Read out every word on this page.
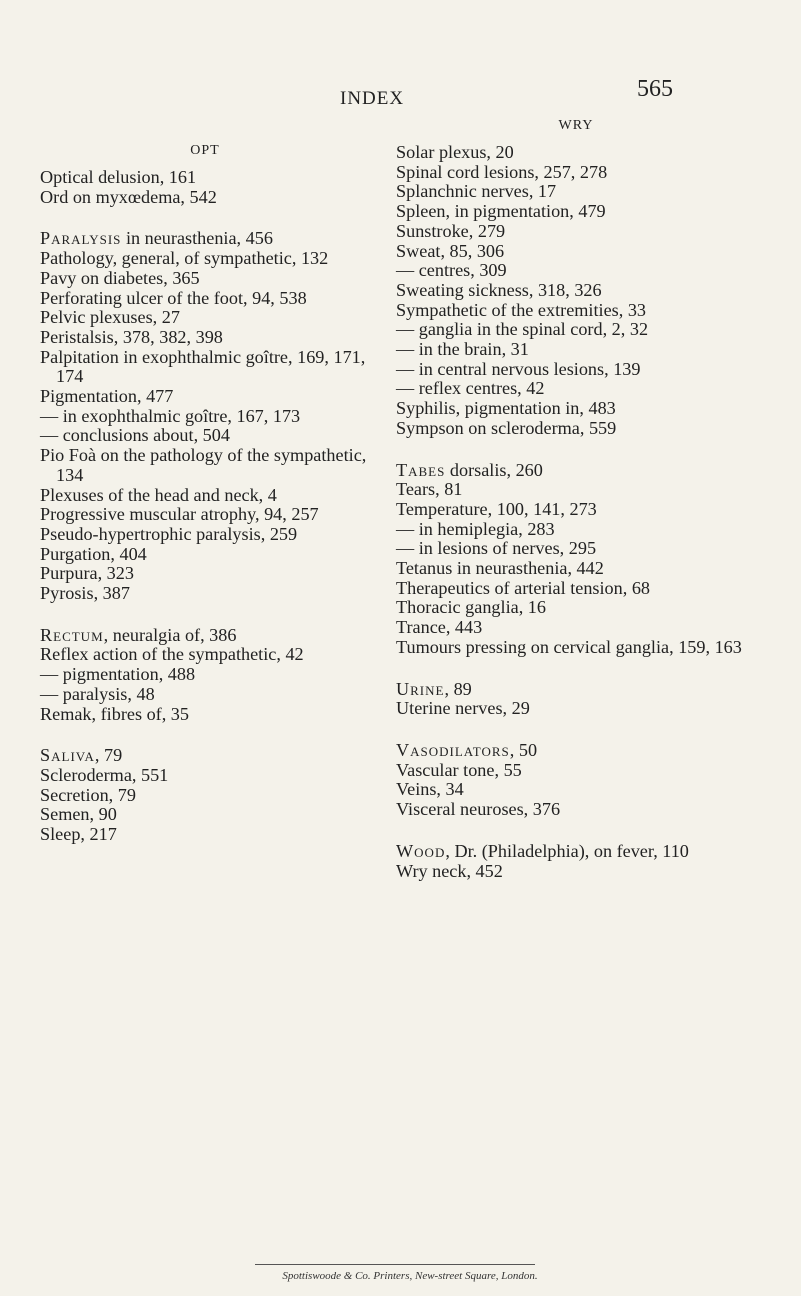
INDEX	565
OPT
Optical delusion, 161
Ord on myxœdema, 542
Paralysis in neurasthenia, 456
Pathology, general, of sympathetic, 132
Pavy on diabetes, 365
Perforating ulcer of the foot, 94, 538
Pelvic plexuses, 27
Peristalsis, 378, 382, 398
Palpitation in exophthalmic goître, 169, 171, 174
Pigmentation, 477
— in exophthalmic goître, 167, 173
— conclusions about, 504
Pio Foà on the pathology of the sympathetic, 134
Plexuses of the head and neck, 4
Progressive muscular atrophy, 94, 257
Pseudo-hypertrophic paralysis, 259
Purgation, 404
Purpura, 323
Pyrosis, 387
Rectum, neuralgia of, 386
Reflex action of the sympathetic, 42
— pigmentation, 488
— paralysis, 48
Remak, fibres of, 35
Saliva, 79
Scleroderma, 551
Secretion, 79
Semen, 90
Sleep, 217
WRY
Solar plexus, 20
Spinal cord lesions, 257, 278
Splanchnic nerves, 17
Spleen, in pigmentation, 479
Sunstroke, 279
Sweat, 85, 306
— centres, 309
Sweating sickness, 318, 326
Sympathetic of the extremities, 33
— ganglia in the spinal cord, 2, 32
— in the brain, 31
— in central nervous lesions, 139
— reflex centres, 42
Syphilis, pigmentation in, 483
Sympson on scleroderma, 559
Tabes dorsalis, 260
Tears, 81
Temperature, 100, 141, 273
— in hemiplegia, 283
— in lesions of nerves, 295
Tetanus in neurasthenia, 442
Therapeutics of arterial tension, 68
Thoracic ganglia, 16
Trance, 443
Tumours pressing on cervical ganglia, 159, 163
Urine, 89
Uterine nerves, 29
Vasodilators, 50
Vascular tone, 55
Veins, 34
Visceral neuroses, 376
Wood, Dr. (Philadelphia), on fever, 110
Wry neck, 452
Spottiswoode & Co. Printers, New-street Square, London.
